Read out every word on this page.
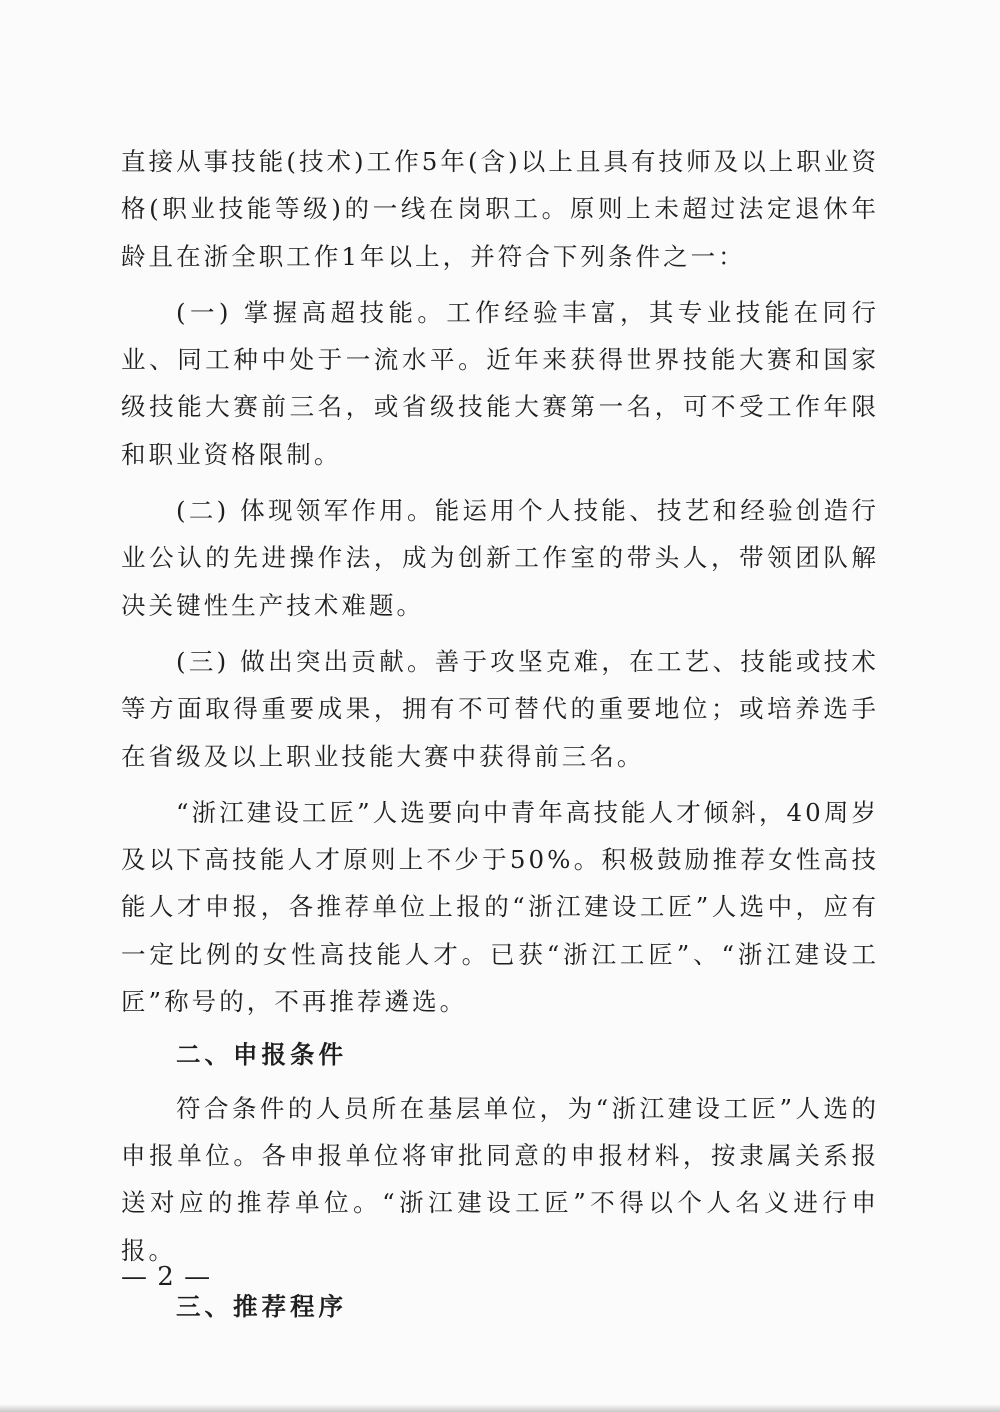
直接从事技能(技术)工作5年(含)以上且具有技师及以上职业资格(职业技能等级)的一线在岗职工。原则上未超过法定退休年龄且在浙全职工作1年以上，并符合下列条件之一：

(一) 掌握高超技能。工作经验丰富，其专业技能在同行业、同工种中处于一流水平。近年来获得世界技能大赛和国家级技能大赛前三名，或省级技能大赛第一名，可不受工作年限和职业资格限制。

(二) 体现领军作用。能运用个人技能、技艺和经验创造行业公认的先进操作法，成为创新工作室的带头人，带领团队解决关键性生产技术难题。

(三) 做出突出贡献。善于攻坚克难，在工艺、技能或技术等方面取得重要成果，拥有不可替代的重要地位；或培养选手在省级及以上职业技能大赛中获得前三名。

“浙江建设工匠”人选要向中青年高技能人才倾斜，40周岁及以下高技能人才原则上不少于50%。积极鼓励推荐女性高技能人才申报，各推荐单位上报的“浙江建设工匠”人选中，应有一定比例的女性高技能人才。已获“浙江工匠”、“浙江建设工匠”称号的，不再推荐遴选。

二、申报条件

符合条件的人员所在基层单位，为“浙江建设工匠”人选的申报单位。各申报单位将审批同意的申报材料，按隶属关系报送对应的推荐单位。“浙江建设工匠”不得以个人名义进行申报。

三、推荐程序

— 2 —
